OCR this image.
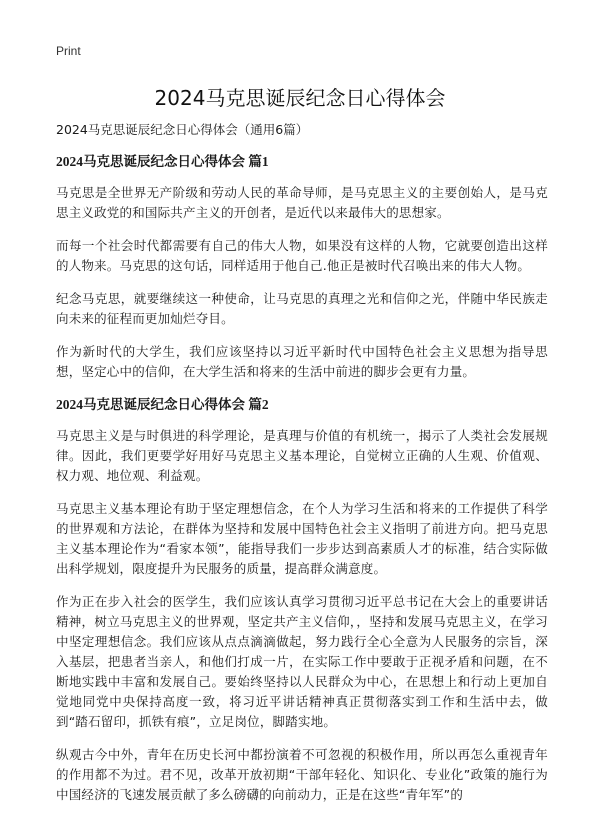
Print
2024马克思诞辰纪念日心得体会

2024马克思诞辰纪念日心得体会（通用6篇）

2024马克思诞辰纪念日心得体会 篇1

马克思是全世界无产阶级和劳动人民的革命导师，是马克思主义的主要创始人，是马克思主义政党的和国际共产主义的开创者，是近代以来最伟大的思想家。

而每一个社会时代都需要有自己的伟大人物，如果没有这样的人物，它就要创造出这样的人物来。马克思的这句话，同样适用于他自己.他正是被时代召唤出来的伟大人物。

纪念马克思，就要继续这一种使命，让马克思的真理之光和信仰之光，伴随中华民族走向未来的征程而更加灿烂夺目。

作为新时代的大学生，我们应该坚持以习近平新时代中国特色社会主义思想为指导思想，坚定心中的信仰，在大学生活和将来的生活中前进的脚步会更有力量。

2024马克思诞辰纪念日心得体会 篇2

马克思主义是与时俱进的科学理论，是真理与价值的有机统一，揭示了人类社会发展规律。因此，我们更要学好用好马克思主义基本理论，自觉树立正确的人生观、价值观、权力观、地位观、利益观。

马克思主义基本理论有助于坚定理想信念，在个人为学习生活和将来的工作提供了科学的世界观和方法论，在群体为坚持和发展中国特色社会主义指明了前进方向。把马克思主义基本理论作为“看家本领”，能指导我们一步步达到高素质人才的标准，结合实际做出科学规划，限度提升为民服务的质量，提高群众满意度。

作为正在步入社会的医学生，我们应该认真学习贯彻习近平总书记在大会上的重要讲话精神，树立马克思主义的世界观，坚定共产主义信仰，，坚持和发展马克思主义，在学习中坚定理想信念。我们应该从点点滴滴做起，努力践行全心全意为人民服务的宗旨，深入基层，把患者当亲人，和他们打成一片，在实际工作中要敢于正视矛盾和问题，在不断地实践中丰富和发展自己。要始终坚持以人民群众为中心，在思想上和行动上更加自觉地同党中央保持高度一致，将习近平讲话精神真正贯彻落实到工作和生活中去，做到“踏石留印，抓铁有痕”，立足岗位，脚踏实地。

纵观古今中外，青年在历史长河中都扮演着不可忽视的积极作用，所以再怎么重视青年的作用都不为过。君不见，改革开放初期“干部年轻化、知识化、专业化”政策的施行为中国经济的飞速发展贡献了多么磅礴的向前动力，正是在这些“青年军”的
